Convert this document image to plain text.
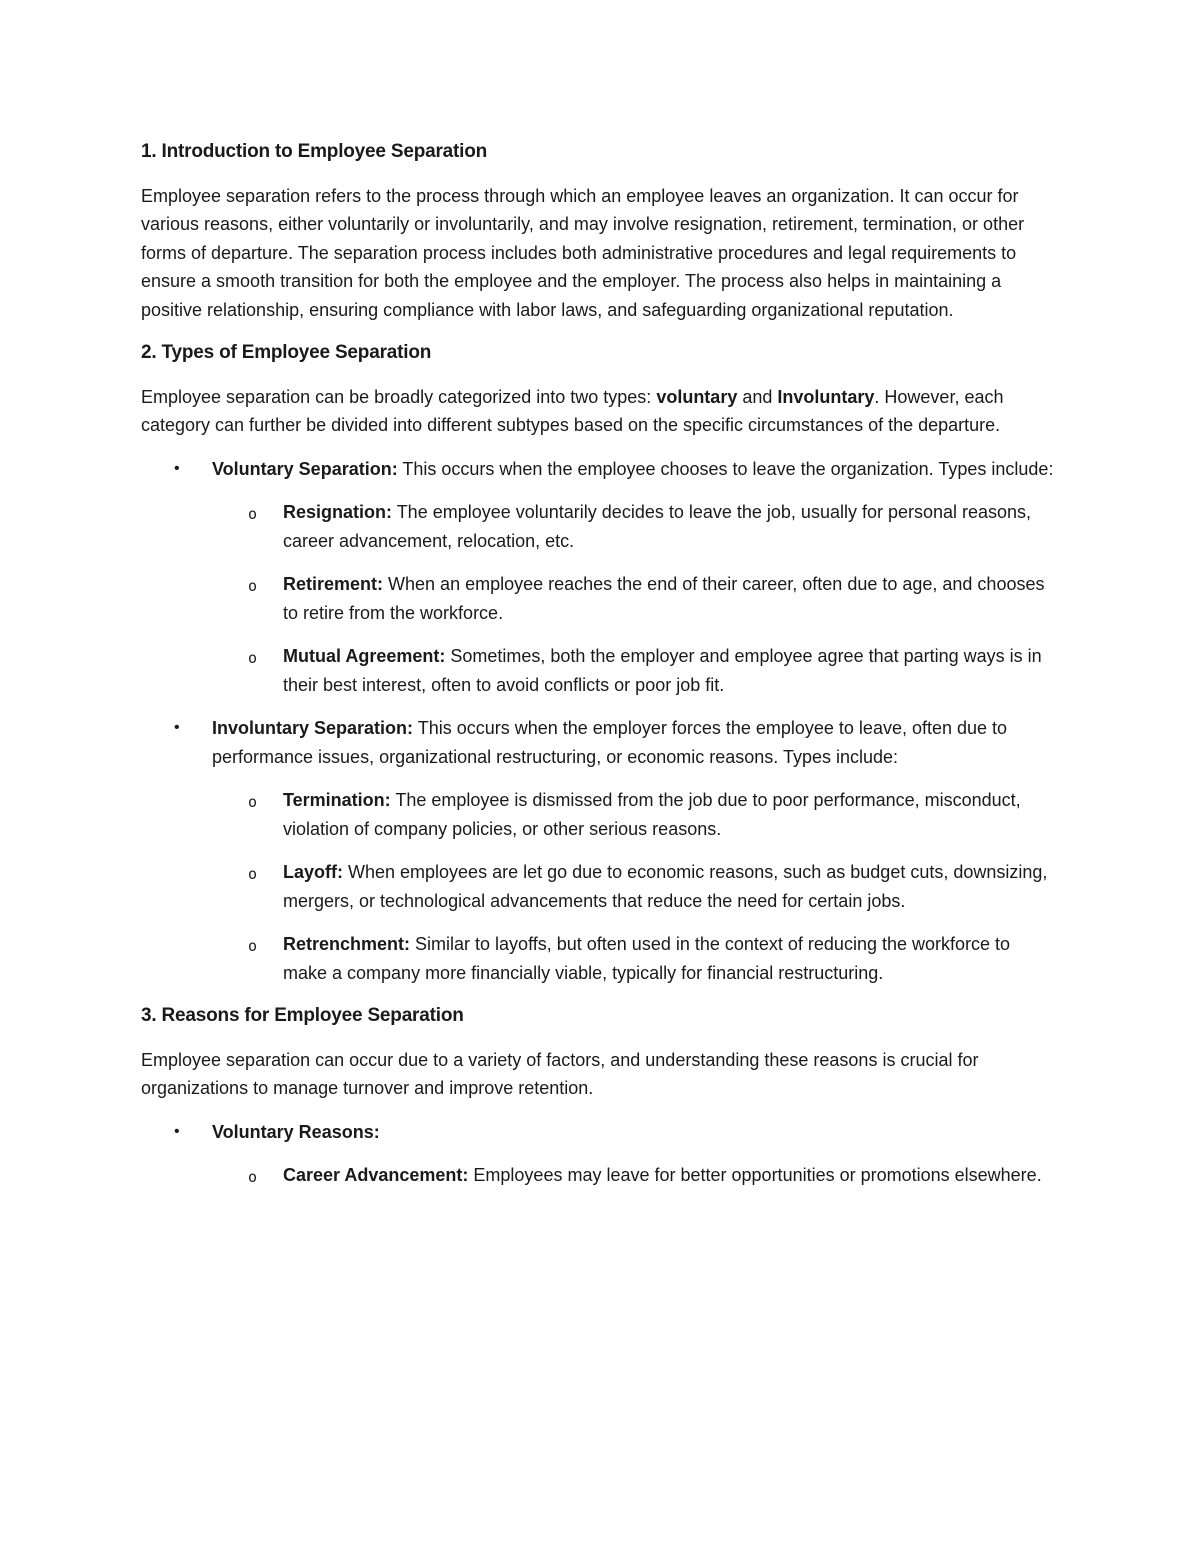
1. Introduction to Employee Separation

Employee separation refers to the process through which an employee leaves an organization. It can occur for various reasons, either voluntarily or involuntarily, and may involve resignation, retirement, termination, or other forms of departure. The separation process includes both administrative procedures and legal requirements to ensure a smooth transition for both the employee and the employer. The process also helps in maintaining a positive relationship, ensuring compliance with labor laws, and safeguarding organizational reputation.

2. Types of Employee Separation

Employee separation can be broadly categorized into two types: voluntary and Involuntary. However, each category can further be divided into different subtypes based on the specific circumstances of the departure.

• Voluntary Separation: This occurs when the employee chooses to leave the organization. Types include:
o Resignation: The employee voluntarily decides to leave the job, usually for personal reasons, career advancement, relocation, etc.
o Retirement: When an employee reaches the end of their career, often due to age, and chooses to retire from the workforce.
o Mutual Agreement: Sometimes, both the employer and employee agree that parting ways is in their best interest, often to avoid conflicts or poor job fit.
• Involuntary Separation: This occurs when the employer forces the employee to leave, often due to performance issues, organizational restructuring, or economic reasons. Types include:
o Termination: The employee is dismissed from the job due to poor performance, misconduct, violation of company policies, or other serious reasons.
o Layoff: When employees are let go due to economic reasons, such as budget cuts, downsizing, mergers, or technological advancements that reduce the need for certain jobs.
o Retrenchment: Similar to layoffs, but often used in the context of reducing the workforce to make a company more financially viable, typically for financial restructuring.
3. Reasons for Employee Separation

Employee separation can occur due to a variety of factors, and understanding these reasons is crucial for organizations to manage turnover and improve retention.

• Voluntary Reasons:
o Career Advancement: Employees may leave for better opportunities or promotions elsewhere.
